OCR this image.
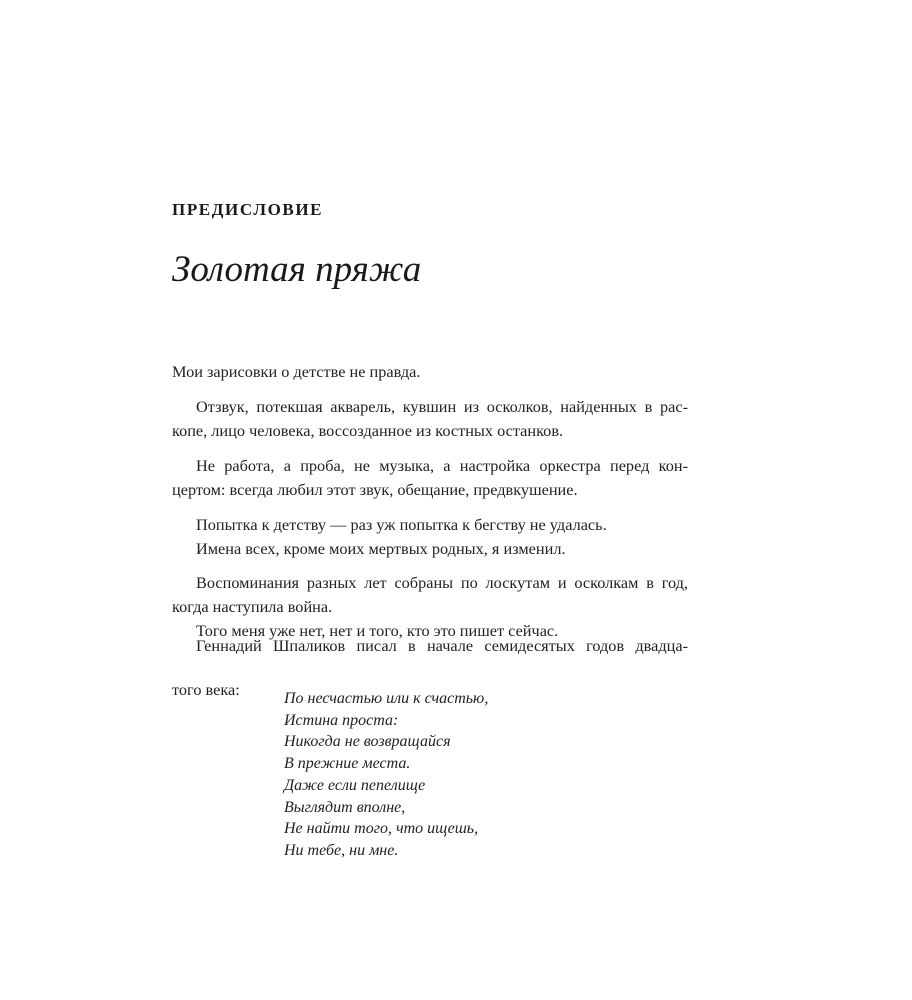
ПРЕДИСЛОВИЕ
Золотая пряжа
Мои зарисовки о детстве не правда.
Отзвук, потекшая акварель, кувшин из осколков, найденных в рас-
копе, лицо человека, воссозданное из костных останков.
Не работа, а проба, не музыка, а настройка оркестра перед кон-
цертом: всегда любил этот звук, обещание, предвкушение.
Попытка к детству — раз уж попытка к бегству не удалась.
Имена всех, кроме моих мертвых родных, я изменил.
Воспоминания разных лет собраны по лоскутам и осколкам в год,
когда наступила война.
Того меня уже нет, нет и того, кто это пишет сейчас.
Геннадий Шпаликов писал в начале семидесятых годов двадца-
того века:	По несчастью или к счастью,
Истина проста:
Никогда не возвращайся
В прежние места.
Даже если пепелище
Выглядит вполне,
Не найти того, что ищешь,
Ни тебе, ни мне.
